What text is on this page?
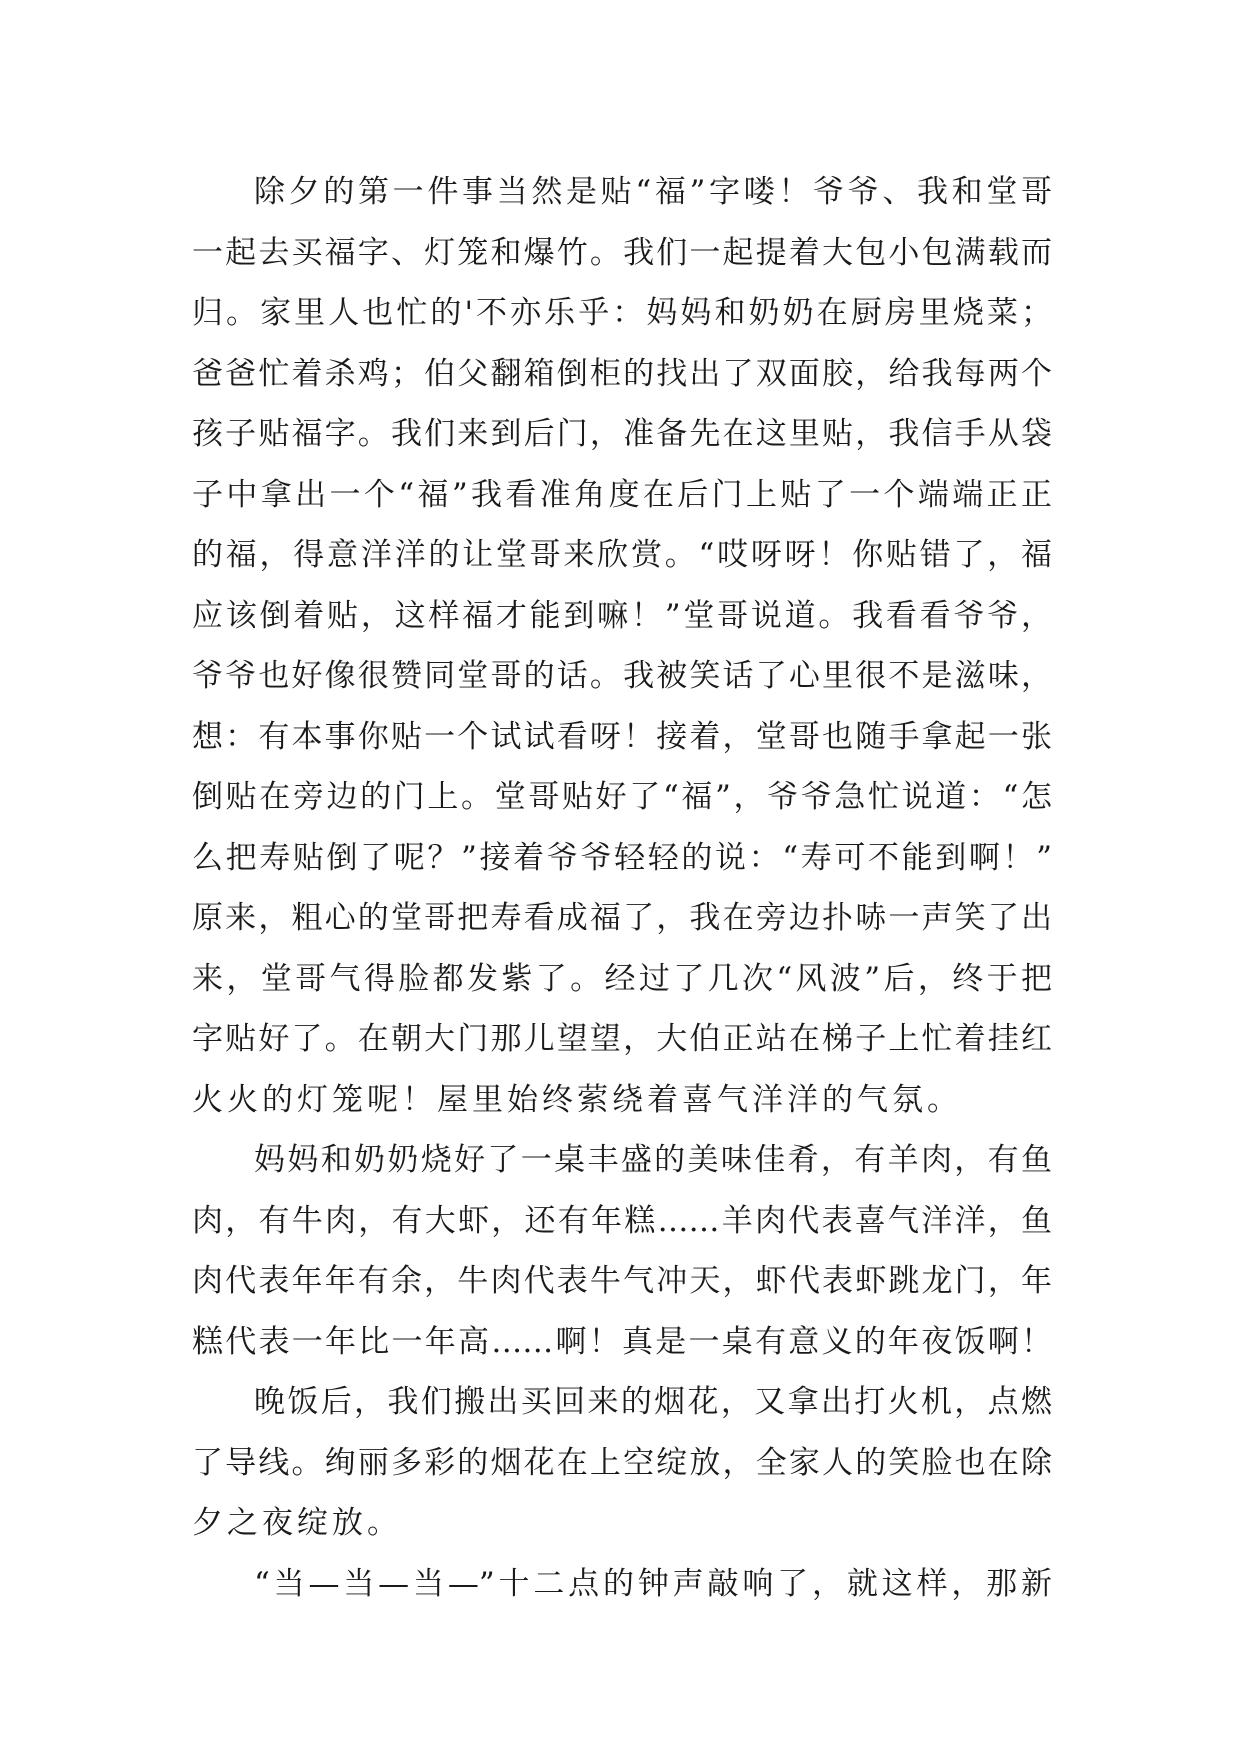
除夕的第一件事当然是贴“福”字喽！爷爷、我和堂哥
一起去买福字、灯笼和爆竹。我们一起提着大包小包满载而
归。家里人也忙的'不亦乐乎：妈妈和奶奶在厨房里烧菜；
爸爸忙着杀鸡；伯父翻箱倒柜的找出了双面胶，给我每两个
孩子贴福字。我们来到后门，准备先在这里贴，我信手从袋
子中拿出一个“福”我看准角度在后门上贴了一个端端正正
的福，得意洋洋的让堂哥来欣赏。“哎呀呀！你贴错了，福
应该倒着贴，这样福才能到嘛！”堂哥说道。我看看爷爷，
爷爷也好像很赞同堂哥的话。我被笑话了心里很不是滋味，
想：有本事你贴一个试试看呀！接着，堂哥也随手拿起一张
倒贴在旁边的门上。堂哥贴好了“福”，爷爷急忙说道：“怎
么把寿贴倒了呢？”接着爷爷轻轻的说：“寿可不能到啊！”
原来，粗心的堂哥把寿看成福了，我在旁边扑哧一声笑了出
来，堂哥气得脸都发紫了。经过了几次“风波”后，终于把
字贴好了。在朝大门那儿望望，大伯正站在梯子上忙着挂红
火火的灯笼呢！屋里始终萦绕着喜气洋洋的气氛。
妈妈和奶奶烧好了一桌丰盛的美味佳肴，有羊肉，有鱼
肉，有牛肉，有大虾，还有年糕……羊肉代表喜气洋洋，鱼
肉代表年年有余，牛肉代表牛气冲天，虾代表虾跳龙门，年
糕代表一年比一年高……啊！真是一桌有意义的年夜饭啊！
晚饭后，我们搬出买回来的烟花，又拿出打火机，点燃
了导线。绚丽多彩的烟花在上空绽放，全家人的笑脸也在除
夕之夜绽放。
“当—当—当—”十二点的钟声敲响了，就这样，那新
